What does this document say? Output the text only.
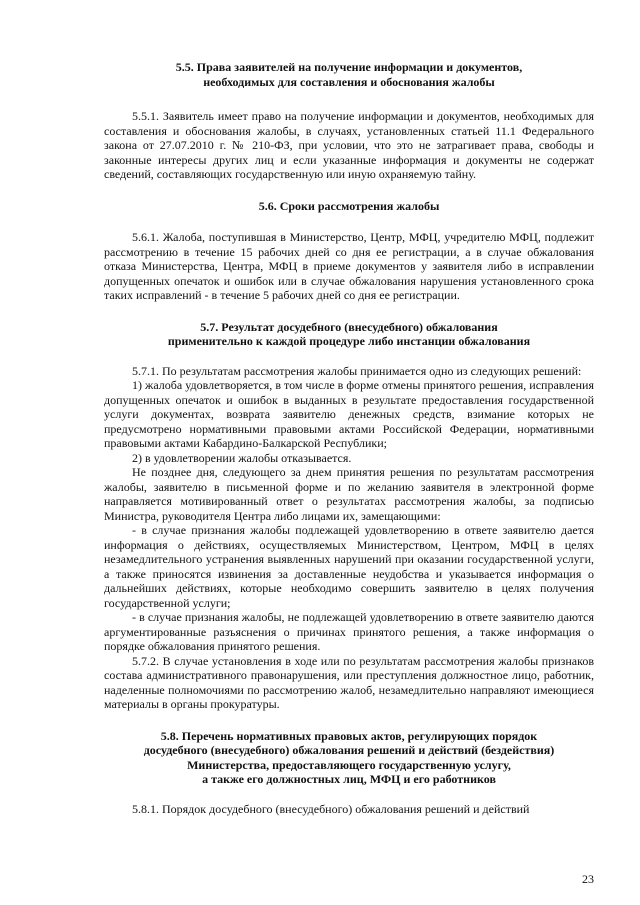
5.5. Права заявителей на получение информации и документов,
необходимых для составления и обоснования жалобы

5.5.1. Заявитель имеет право на получение информации и документов, необходимых для составления и обоснования жалобы, в случаях, установленных статьей 11.1 Федерального закона от 27.07.2010 г. № 210-ФЗ, при условии, что это не затрагивает права, свободы и законные интересы других лиц и если указанные информация и документы не содержат сведений, составляющих государственную или иную охраняемую тайну.

5.6. Сроки рассмотрения жалобы

5.6.1. Жалоба, поступившая в Министерство, Центр, МФЦ, учредителю МФЦ, подлежит рассмотрению в течение 15 рабочих дней со дня ее регистрации, а в случае обжалования отказа Министерства, Центра, МФЦ в приеме документов у заявителя либо в исправлении допущенных опечаток и ошибок или в случае обжалования нарушения установленного срока таких исправлений - в течение 5 рабочих дней со дня ее регистрации.

5.7. Результат досудебного (внесудебного) обжалования
применительно к каждой процедуре либо инстанции обжалования

5.7.1. По результатам рассмотрения жалобы принимается одно из следующих решений:

1) жалоба удовлетворяется, в том числе в форме отмены принятого решения, исправления допущенных опечаток и ошибок в выданных в результате предоставления государственной услуги документах, возврата заявителю денежных средств, взимание которых не предусмотрено нормативными правовыми актами Российской Федерации, нормативными правовыми актами Кабардино-Балкарской Республики;

2) в удовлетворении жалобы отказывается.

Не позднее дня, следующего за днем принятия решения по результатам рассмотрения жалобы, заявителю в письменной форме и по желанию заявителя в электронной форме направляется мотивированный ответ о результатах рассмотрения жалобы, за подписью Министра, руководителя Центра либо лицами их, замещающими:

- в случае признания жалобы подлежащей удовлетворению в ответе заявителю дается информация о действиях, осуществляемых Министерством, Центром, МФЦ в целях незамедлительного устранения выявленных нарушений при оказании государственной услуги, а также приносятся извинения за доставленные неудобства и указывается информация о дальнейших действиях, которые необходимо совершить заявителю в целях получения государственной услуги;

- в случае признания жалобы, не подлежащей удовлетворению в ответе заявителю даются аргументированные разъяснения о причинах принятого решения, а также информация о порядке обжалования принятого решения.

5.7.2. В случае установления в ходе или по результатам рассмотрения жалобы признаков состава административного правонарушения, или преступления должностное лицо, работник, наделенные полномочиями по рассмотрению жалоб, незамедлительно направляют имеющиеся материалы в органы прокуратуры.

5.8. Перечень нормативных правовых актов, регулирующих порядок
досудебного (внесудебного) обжалования решений и действий (бездействия)
Министерства, предоставляющего государственную услугу,
а также его должностных лиц, МФЦ и его работников

5.8.1. Порядок досудебного (внесудебного) обжалования решений и действий

23
